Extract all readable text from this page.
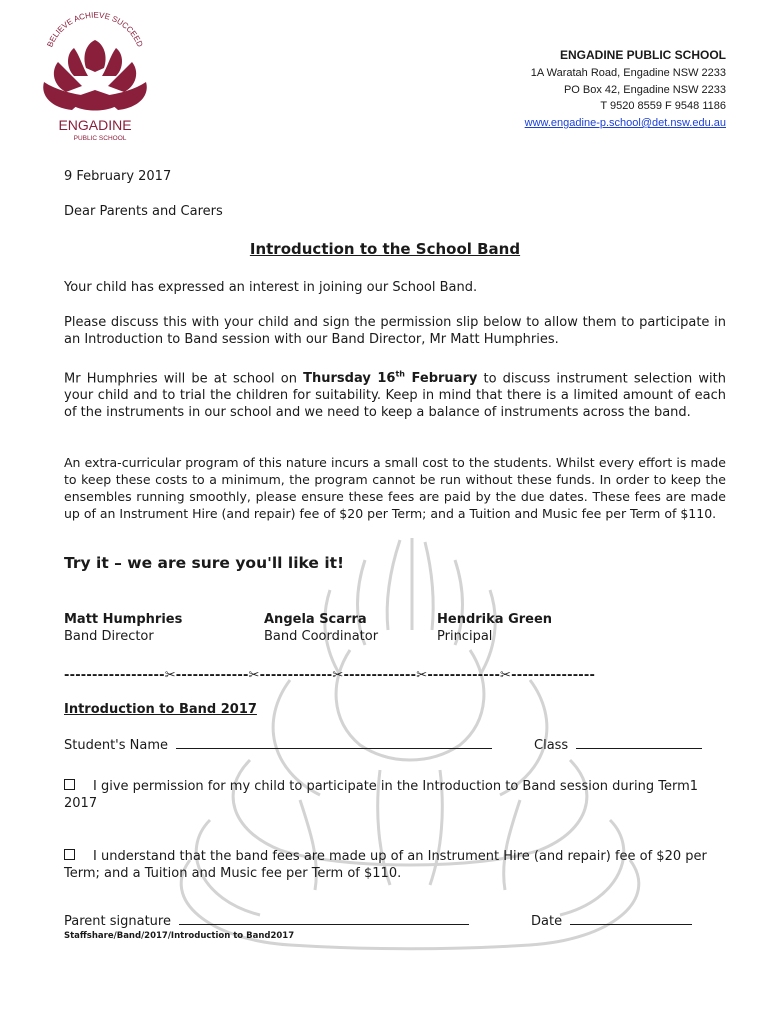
BELIEVE ACHIEVE SUCCEED
ENGADINE
PUBLIC SCHOOL
ENGADINE PUBLIC SCHOOL
1A Waratah Road, Engadine NSW 2233
PO Box 42, Engadine NSW 2233
T 9520 8559 F 9548 1186
www.engadine-p.school@det.nsw.edu.au
9 February 2017
Dear Parents and Carers
Introduction to the School Band
Your child has expressed an interest in joining our School Band.
Please discuss this with your child and sign the permission slip below to allow them to participate in an Introduction to Band session with our Band Director, Mr Matt Humphries.
Mr Humphries will be at school on Thursday 16th February to discuss instrument selection with your child and to trial the children for suitability. Keep in mind that there is a limited amount of each of the instruments in our school and we need to keep a balance of instruments across the band.
An extra-curricular program of this nature incurs a small cost to the students. Whilst every effort is made to keep these costs to a minimum, the program cannot be run without these funds. In order to keep the ensembles running smoothly, please ensure these fees are paid by the due dates. These fees are made up of an Instrument Hire (and repair) fee of $20 per Term; and a Tuition and Music fee per Term of $110.
Try it – we are sure you'll like it!
Matt Humphries
Band Director
Angela Scarra
Band Coordinator
Hendrika Green
Principal
------------------✂-------------✂-------------✂-------------✂-------------✂---------------
Introduction to Band 2017
Student's Name	Class
I give permission for my child to participate in the Introduction to Band session during Term1 2017
I understand that the band fees are made up of an Instrument Hire (and repair) fee of $20 per Term; and a Tuition and Music fee per Term of $110.
Parent signature	Date
Staffshare/Band/2017/Introduction to Band2017
